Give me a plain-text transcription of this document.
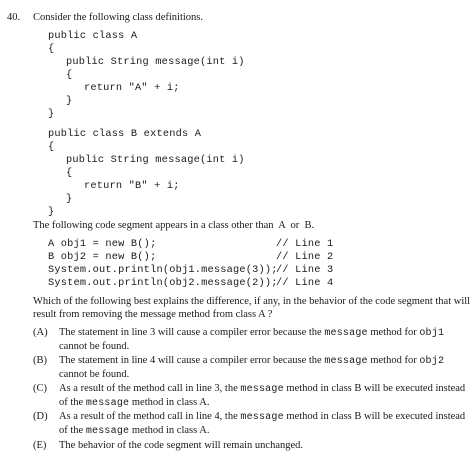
40. Consider the following class definitions.
public class A
{
public String message(int i)
{
return "A" + i;
}
}
public class B extends A
{
public String message(int i)
{
return "B" + i;
}
}
The following code segment appears in a class other than  A  or  B.
A obj1 = new B();	// Line 1
B obj2 = new B();	// Line 2
System.out.println(obj1.message(3));
// Line 3
System.out.println(obj2.message(2));
// Line 4
Which of the following best explains the difference, if any, in the behavior of the code segment that will result from removing the message method from class A ?
(A) The statement in line 3 will cause a compiler error because the message method for obj1 cannot be found.
(B) The statement in line 4 will cause a compiler error because the message method for obj2 cannot be found.
(C) As a result of the method call in line 3, the message method in class B will be executed instead of the message method in class A.
(D) As a result of the method call in line 4, the message method in class B will be executed instead of the message method in class A.
(E) The behavior of the code segment will remain unchanged.
